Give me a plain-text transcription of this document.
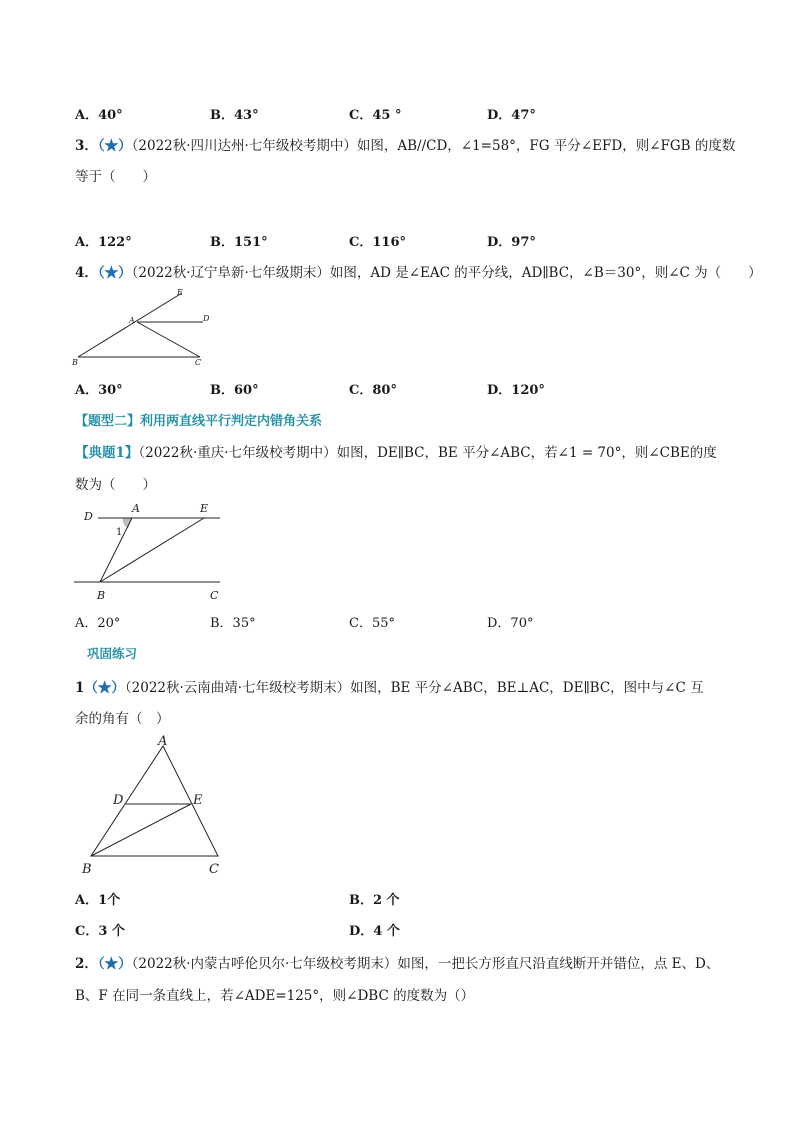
A．40°	B．43°	C．45 °	D．47°
3．（★）（2022秋·四川达州·七年级校考期中）如图，AB//CD，∠1=58°，FG 平分∠EFD，则∠FGB 的度数
等于（　　）
A．122°	B．151°	C．116°	D．97°
4．（★）（2022秋·辽宁阜新·七年级期末）如图，AD 是∠EAC 的平分线，AD∥BC，∠B＝30°，则∠C 为（　　）
E
A	D
B	C
A．30°	B．60°	C．80°	D．120°
【题型二】利用两直线平行判定内错角关系
【典题1】（2022秋·重庆·七年级校考期中）如图，DE∥BC，BE 平分∠ABC，若∠1 = 70°，则∠CBE的度
数为（　　）
D
A	E
B	C
1
A．20°	B．35°	C．55°	D．70°
巩固练习
1（★）（2022秋·云南曲靖·七年级校考期末）如图，BE 平分∠ABC，BE⊥AC，DE∥BC，图中与∠C 互
余的角有（　）
A
D	E
B	C
A．1个	B．2 个
C．3 个	D．4 个
2．（★）（2022秋·内蒙古呼伦贝尔·七年级校考期末）如图，一把长方形直尺沿直线断开并错位，点 E、D、
B、F 在同一条直线上，若∠ADE=125°，则∠DBC 的度数为（）
